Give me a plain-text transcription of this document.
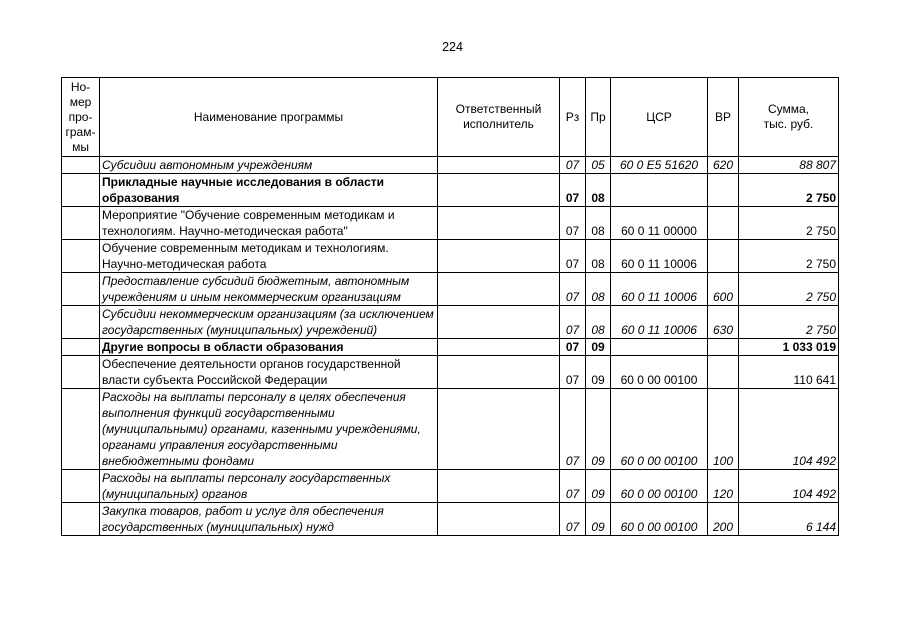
224
Но-
мер
про-
грам-
мы	Наименование программы	Ответственный
исполнитель	Рз	Пр	ЦСР	ВР	Сумма,
тыс. руб.
	Субсидии автономным учреждениям		07	05	60 0 E5 51620	620	88 807
	Прикладные научные исследования в области образования		07	08			2 750
	Мероприятие "Обучение современным методикам и технологиям. Научно-методическая работа"		07	08	60 0 11 00000		2 750
	Обучение современным методикам и технологиям. Научно-методическая работа		07	08	60 0 11 10006		2 750
	Предоставление субсидий бюджетным, автономным учреждениям и иным некоммерческим организациям		07	08	60 0 11 10006	600	2 750
	Субсидии некоммерческим организациям (за исключением государственных (муниципальных) учреждений)		07	08	60 0 11 10006	630	2 750
	Другие вопросы в области образования		07	09			1 033 019
	Обеспечение деятельности органов государственной власти субъекта Российской Федерации		07	09	60 0 00 00100		110 641
	Расходы на выплаты персоналу в целях обеспечения выполнения функций государственными (муниципальными) органами, казенными учреждениями, органами управления государственными внебюджетными фондами		07	09	60 0 00 00100	100	104 492
	Расходы на выплаты персоналу государственных (муниципальных) органов		07	09	60 0 00 00100	120	104 492
	Закупка товаров, работ и услуг для обеспечения государственных (муниципальных) нужд		07	09	60 0 00 00100	200	6 144
